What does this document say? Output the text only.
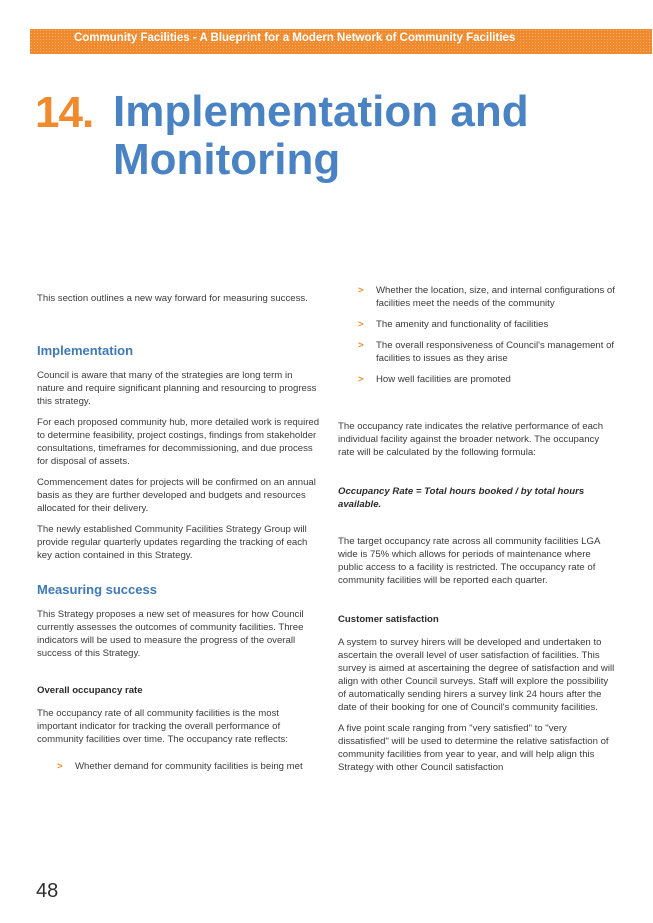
Community Facilities - A Blueprint for a Modern Network of Community Facilities
14. Implementation and Monitoring

This section outlines a new way forward for measuring success.

Implementation

Council is aware that many of the strategies are long term in nature and require significant planning and resourcing to progress this strategy.

For each proposed community hub, more detailed work is required to determine feasibility, project costings, findings from stakeholder consultations, timeframes for decommissioning, and due process for disposal of assets.

Commencement dates for projects will be confirmed on an annual basis as they are further developed and budgets and resources allocated for their delivery.

The newly established Community Facilities Strategy Group will provide regular quarterly updates regarding the tracking of each key action contained in this Strategy.

Measuring success

This Strategy proposes a new set of measures for how Council currently assesses the outcomes of community facilities. Three indicators will be used to measure the progress of the overall success of this Strategy.

Overall occupancy rate

The occupancy rate of all community facilities is the most important indicator for tracking the overall performance of community facilities over time. The occupancy rate reflects:

> Whether demand for community facilities is being met
> Whether the location, size, and internal configurations of facilities meet the needs of the community
> The amenity and functionality of facilities
> The overall responsiveness of Council's management of facilities to issues as they arise
> How well facilities are promoted

The occupancy rate indicates the relative performance of each individual facility against the broader network. The occupancy rate will be calculated by the following formula:

Occupancy Rate = Total hours booked / by total hours available.

The target occupancy rate across all community facilities LGA wide is 75% which allows for periods of maintenance where public access to a facility is restricted. The occupancy rate of community facilities will be reported each quarter.

Customer satisfaction

A system to survey hirers will be developed and undertaken to ascertain the overall level of user satisfaction of facilities. This survey is aimed at ascertaining the degree of satisfaction and will align with other Council surveys. Staff will explore the possibility of automatically sending hirers a survey link 24 hours after the date of their booking for one of Council's community facilities.

A five point scale ranging from "very satisfied" to "very dissatisfied" will be used to determine the relative satisfaction of community facilities from year to year, and will help align this Strategy with other Council satisfaction

48
